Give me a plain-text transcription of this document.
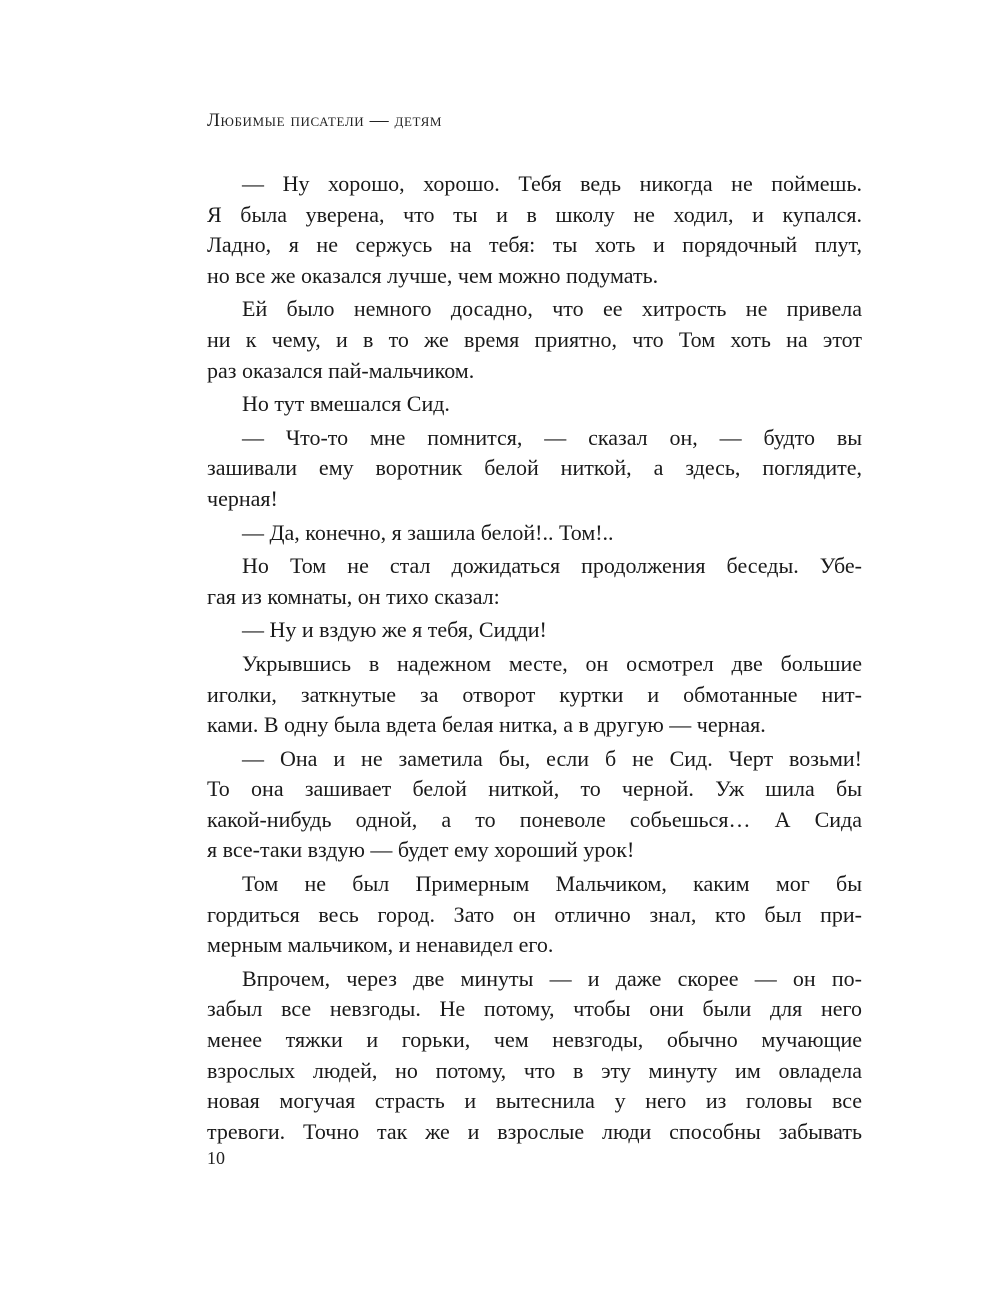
Любимые писатели — детям
— Ну хорошо, хорошо. Тебя ведь никогда не поймешь.
Я была уверена, что ты и в школу не ходил, и купался.
Ладно, я не сержусь на тебя: ты хоть и порядочный плут,
но все же оказался лучше, чем можно подумать.
Ей было немного досадно, что ее хитрость не привела
ни к чему, и в то же время приятно, что Том хоть на этот
раз оказался пай-мальчиком.
Но тут вмешался Сид.
— Что-то мне помнится, — сказал он, — будто вы
зашивали ему воротник белой ниткой, а здесь, поглядите,
черная!
— Да, конечно, я зашила белой!.. Том!..
Но Том не стал дожидаться продолжения беседы. Убе-
гая из комнаты, он тихо сказал:
— Ну и вздую же я тебя, Сидди!
Укрывшись в надежном месте, он осмотрел две большие
иголки, заткнутые за отворот куртки и обмотанные нит-
ками. В одну была вдета белая нитка, а в другую — черная.
— Она и не заметила бы, если б не Сид. Черт возьми!
То она зашивает белой ниткой, то черной. Уж шила бы
какой-нибудь одной, а то поневоле собьешься… А Сида
я все-таки вздую — будет ему хороший урок!
Том не был Примерным Мальчиком, каким мог бы
гордиться весь город. Зато он отлично знал, кто был при-
мерным мальчиком, и ненавидел его.
Впрочем, через две минуты — и даже скорее — он по-
забыл все невзгоды. Не потому, чтобы они были для него
менее тяжки и горьки, чем невзгоды, обычно мучающие
взрослых людей, но потому, что в эту минуту им овладела
новая могучая страсть и вытеснила у него из головы все
тревоги. Точно так же и взрослые люди способны забывать
10
